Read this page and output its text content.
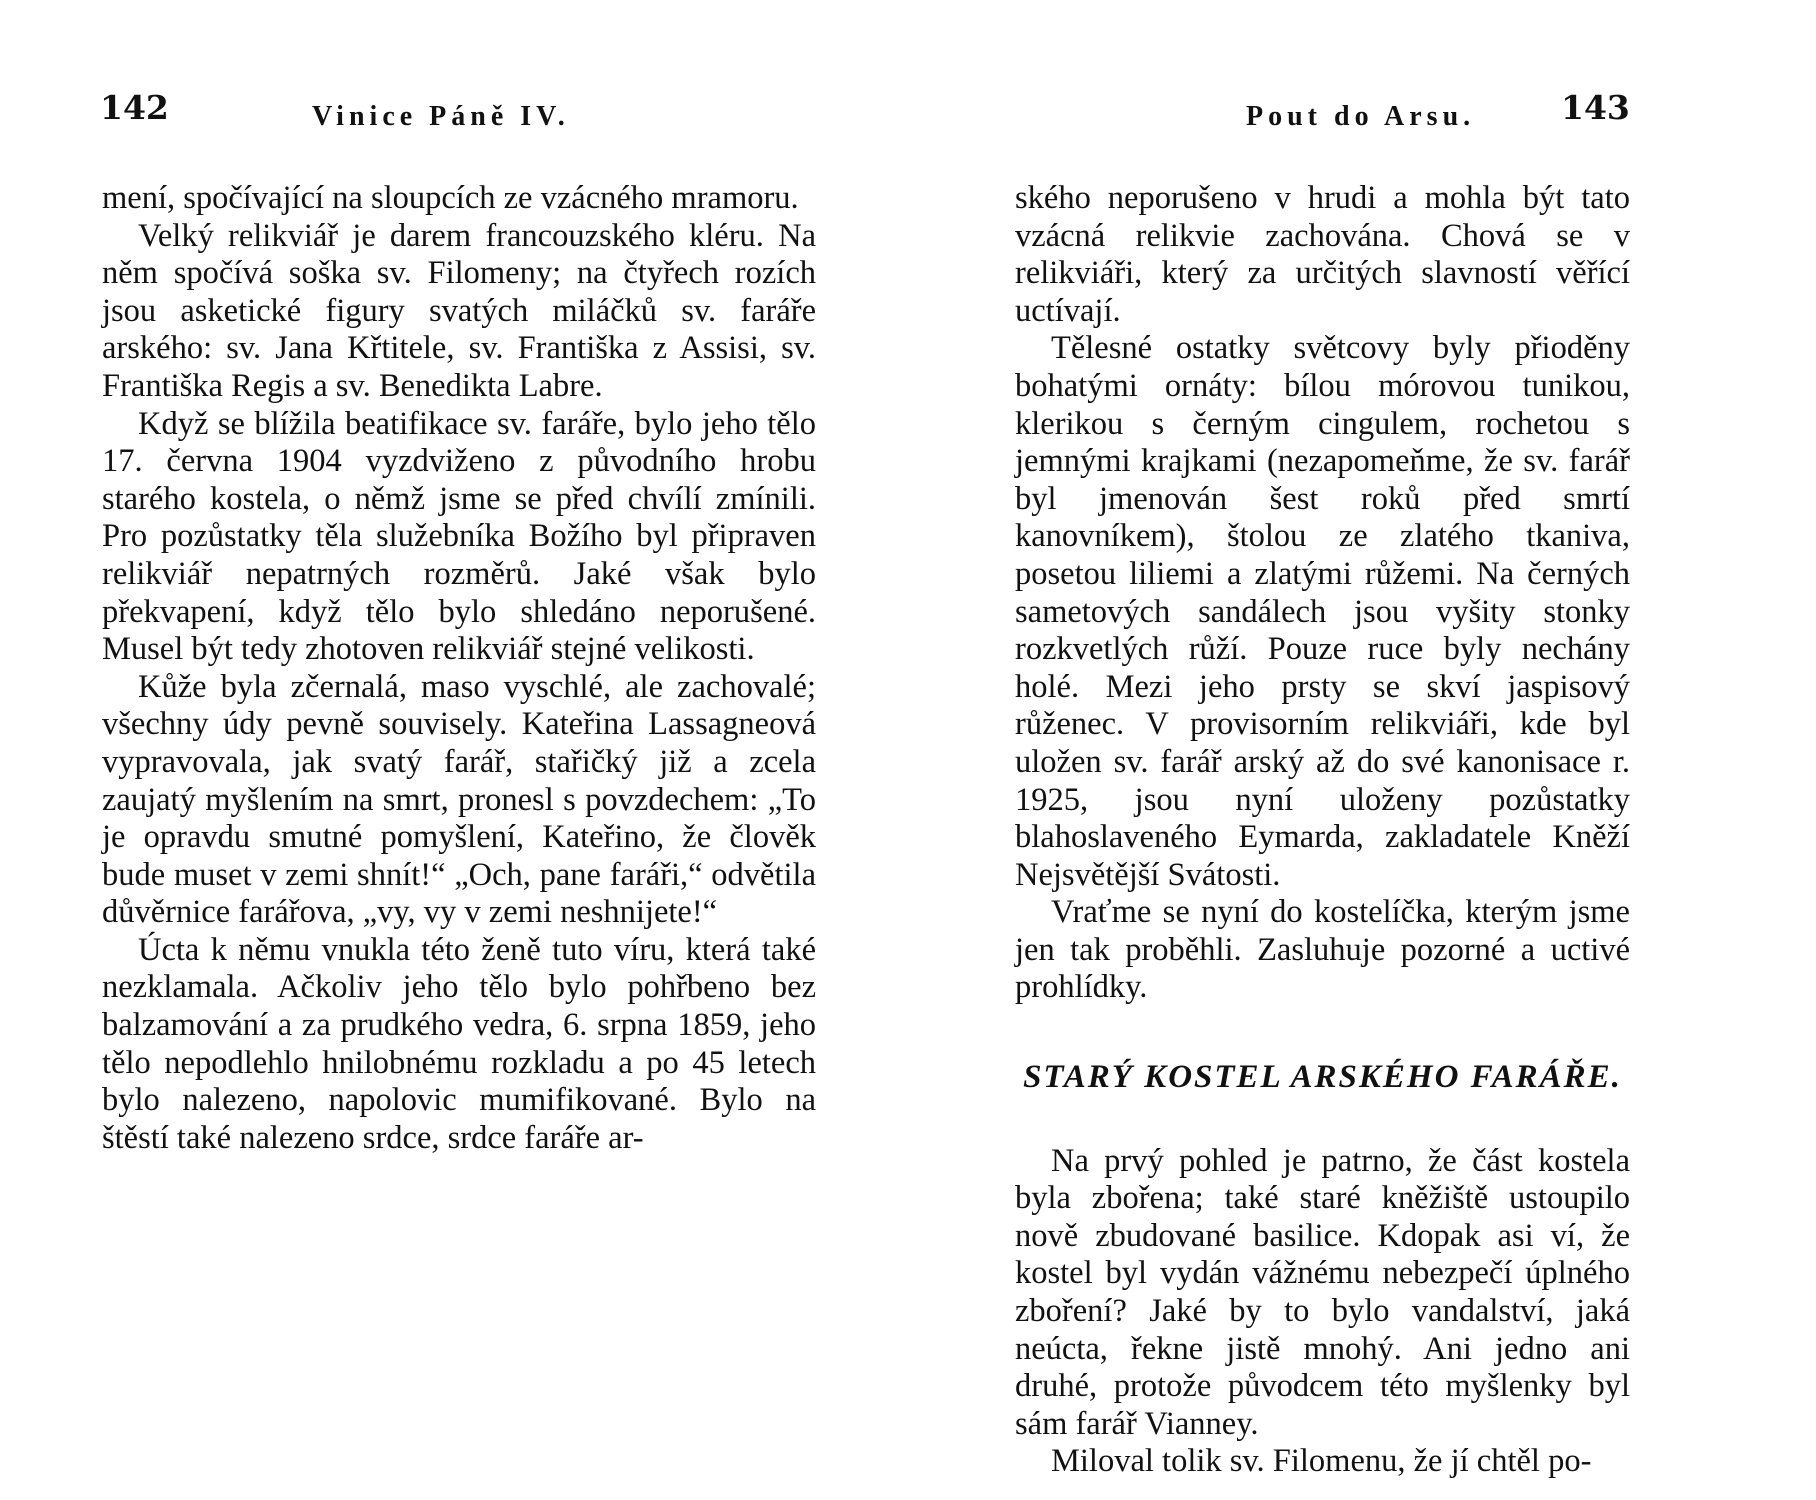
142	Vinice Páně IV.

mení, spočívající na sloupcích ze vzácného mramoru.

Velký relikviář je darem francouzského kléru. Na něm spočívá soška sv. Filomeny; na čtyřech rozích jsou asketické figury svatých miláčků sv. faráře arského: sv. Jana Křtitele, sv. Františka z Assisi, sv. Františka Regis a sv. Benedikta Labre.

Když se blížila beatifikace sv. faráře, bylo jeho tělo 17. června 1904 vyzdviženo z původního hrobu starého kostela, o němž jsme se před chvílí zmínili. Pro pozůstatky těla služebníka Božího byl připraven relikviář nepatrných rozměrů. Jaké však bylo překvapení, když tělo bylo shledáno neporušené. Musel být tedy zhotoven relikviář stejné velikosti.

Kůže byla zčernalá, maso vyschlé, ale zachovalé; všechny údy pevně souvisely. Kateřina Lassagneová vypravovala, jak svatý farář, stařičký již a zcela zaujatý myšlením na smrt, pronesl s povzdechem: „To je opravdu smutné pomyšlení, Kateřino, že člověk bude muset v zemi shnít!“ „Och, pane faráři,“ odvětila důvěrnice farářova, „vy, vy v zemi neshnijete!“

Úcta k němu vnukla této ženě tuto víru, která také nezklamala. Ačkoliv jeho tělo bylo pohřbeno bez balzamování a za prudkého vedra, 6. srpna 1859, jeho tělo nepodlehlo hnilobnému rozkladu a po 45 letech bylo nalezeno, napolovic mumifikované. Bylo na štěstí také nalezeno srdce, srdce faráře ar-

Pout do Arsu.	143

ského neporušeno v hrudi a mohla být tato vzácná relikvie zachována. Chová se v relikviáři, který za určitých slavností věřící uctívají.

Tělesné ostatky světcovy byly přioděny bohatými ornáty: bílou mórovou tunikou, klerikou s černým cingulem, rochetou s jemnými krajkami (nezapomeňme, že sv. farář byl jmenován šest roků před smrtí kanovníkem), štolou ze zlatého tkaniva, posetou liliemi a zlatými růžemi. Na černých sametových sandálech jsou vyšity stonky rozkvetlých růží. Pouze ruce byly nechány holé. Mezi jeho prsty se skví jaspisový růženec. V provisorním relikviáři, kde byl uložen sv. farář arský až do své kanonisace r. 1925, jsou nyní uloženy pozůstatky blahoslaveného Eymarda, zakladatele Kněží Nejsvětější Svátosti.

Vraťme se nyní do kostelíčka, kterým jsme jen tak proběhli. Zasluhuje pozorné a uctivé prohlídky.

STARÝ KOSTEL ARSKÉHO FARÁŘE.

Na prvý pohled je patrno, že část kostela byla zbořena; také staré kněžiště ustoupilo nově zbudované basilice. Kdopak asi ví, že kostel byl vydán vážnému nebezpečí úplného zboření? Jaké by to bylo vandalství, jaká neúcta, řekne jistě mnohý. Ani jedno ani druhé, protože původcem této myšlenky byl sám farář Vianney.

Miloval tolik sv. Filomenu, že jí chtěl po-
